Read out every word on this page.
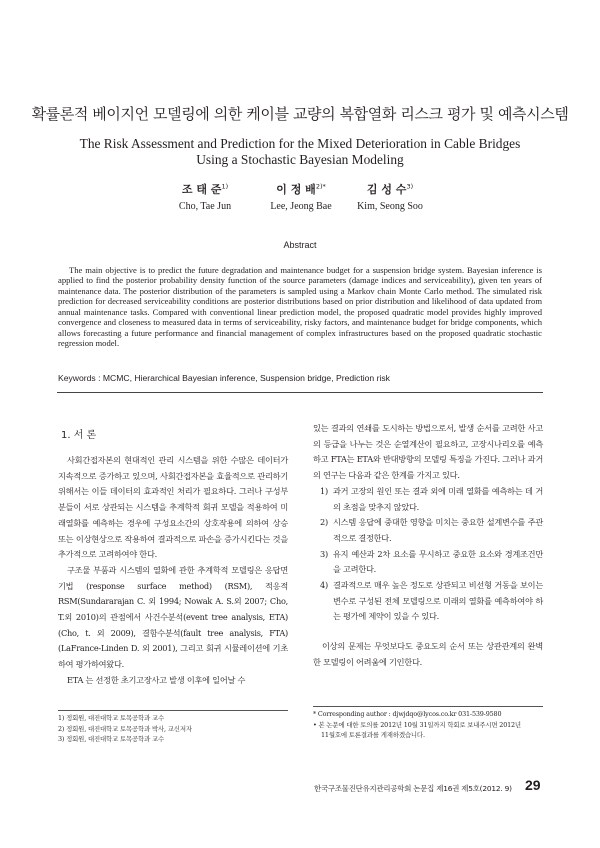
확률론적 베이지언 모델링에 의한 케이블 교량의 복합열화 리스크 평가 및 예측시스템
The Risk Assessment and Prediction for the Mixed Deterioration in Cable Bridges
Using a Stochastic Bayesian Modeling
조 태 준$^{1)}$
Cho, Tae Jun
이 정 배$^{2)*}$
Lee, Jeong Bae
김 성 수$^{3)}$
Kim, Seong Soo
Abstract
The main objective is to predict the future degradation and maintenance budget for a suspension bridge system. Bayesian inference is applied to find the posterior probability density function of the source parameters (damage indices and serviceability), given ten years of maintenance data. The posterior distribution of the parameters is sampled using a Markov chain Monte Carlo method. The simulated risk prediction for decreased serviceability conditions are posterior distributions based on prior distribution and likelihood of data updated from annual maintenance tasks. Compared with conventional linear prediction model, the proposed quadratic model provides highly improved convergence and closeness to measured data in terms of serviceability, risky factors, and maintenance budget for bridge components, which allows forecasting a future performance and financial management of complex infrastructures based on the proposed quadratic stochastic regression model.
Keywords : MCMC, Hierarchical Bayesian inference, Suspension bridge, Prediction risk
1. 서 론

사회간접자본의 현대적인 관리 시스템을 위한 수많은 데이터가 지속적으로 증가하고 있으며, 사회간접자본을 효율적으로 관리하기 위해서는 이들 데이터의 효과적인 처리가 필요하다. 그러나 구성부분들이 서로 상관되는 시스템을 추계학적 회귀 모델을 적용하여 미래열화를 예측하는 경우에 구성요소간의 상호작용에 의하여 상승 또는 이상현상으로 작용하여 결과적으로 파손을 증가시킨다는 것을 추가적으로 고려하여야 한다.

구조물 부품과 시스템의 열화에 관한 추계학적 모델링은 응답면기법 (response surface method) (RSM), 적응적 RSM(Sundararajan C. 외 1994; Nowak A. S.외 2007; Cho, T.외 2010)의 관점에서 사건수분석(event tree analysis, ETA)(Cho, t. 외 2009), 결함수분석(fault tree analysis, FTA)(LaFrance-Linden D. 외 2001), 그리고 회귀 시뮬레이션에 기초하여 평가하여왔다.

ETA 는 선정한 초기고장사고 발생 이후에 일어날 수

있는 결과의 연쇄를 도시하는 방법으로서, 발생 순서를 고려한 사고의 등급을 나누는 것은 순열계산이 필요하고, 고장시나리오를 예측하고 FTA는 ETA와 반대방향의 모델링 특징을 가진다. 그러나 과거의 연구는 다음과 같은 한계를 가지고 있다.

1) 과거 고장의 원인 또는 결과 외에 미래 열화를 예측하는 데 거의 초점을 맞추지 않았다.
2) 시스템 응답에 중대한 영향을 미치는 중요한 설계변수를 주관적으로 결정한다.
3) 유지 예산과 2차 요소를 무시하고 중요한 요소와 경계조건만을 고려한다.
4) 결과적으로 매우 높은 정도로 상관되고 비선형 거동을 보이는 변수로 구성된 전체 모델링으로 미래의 열화를 예측하여야 하는 평가에 제약이 있을 수 있다.

이상의 문제는 무엇보다도 중요도의 순서 또는 상관관계의 완벽한 모델링이 어려움에 기인한다.

1) 정회원, 대진대학교 토목공학과 교수
2) 정회원, 대진대학교 토목공학과 박사, 교신저자
3) 정회원, 대진대학교 토목공학과 교수
* Corresponding author : djwjdqo@lycos.co.kr 031-539-9580
• 본 논문에 대한 토의를 2012년 10월 31일까지 학회로 보내주시면 2012년
11월호에 토론결과를 게재하겠습니다.
한국구조물진단유지관리공학회 논문집 제16권 제5호(2012. 9) 29
